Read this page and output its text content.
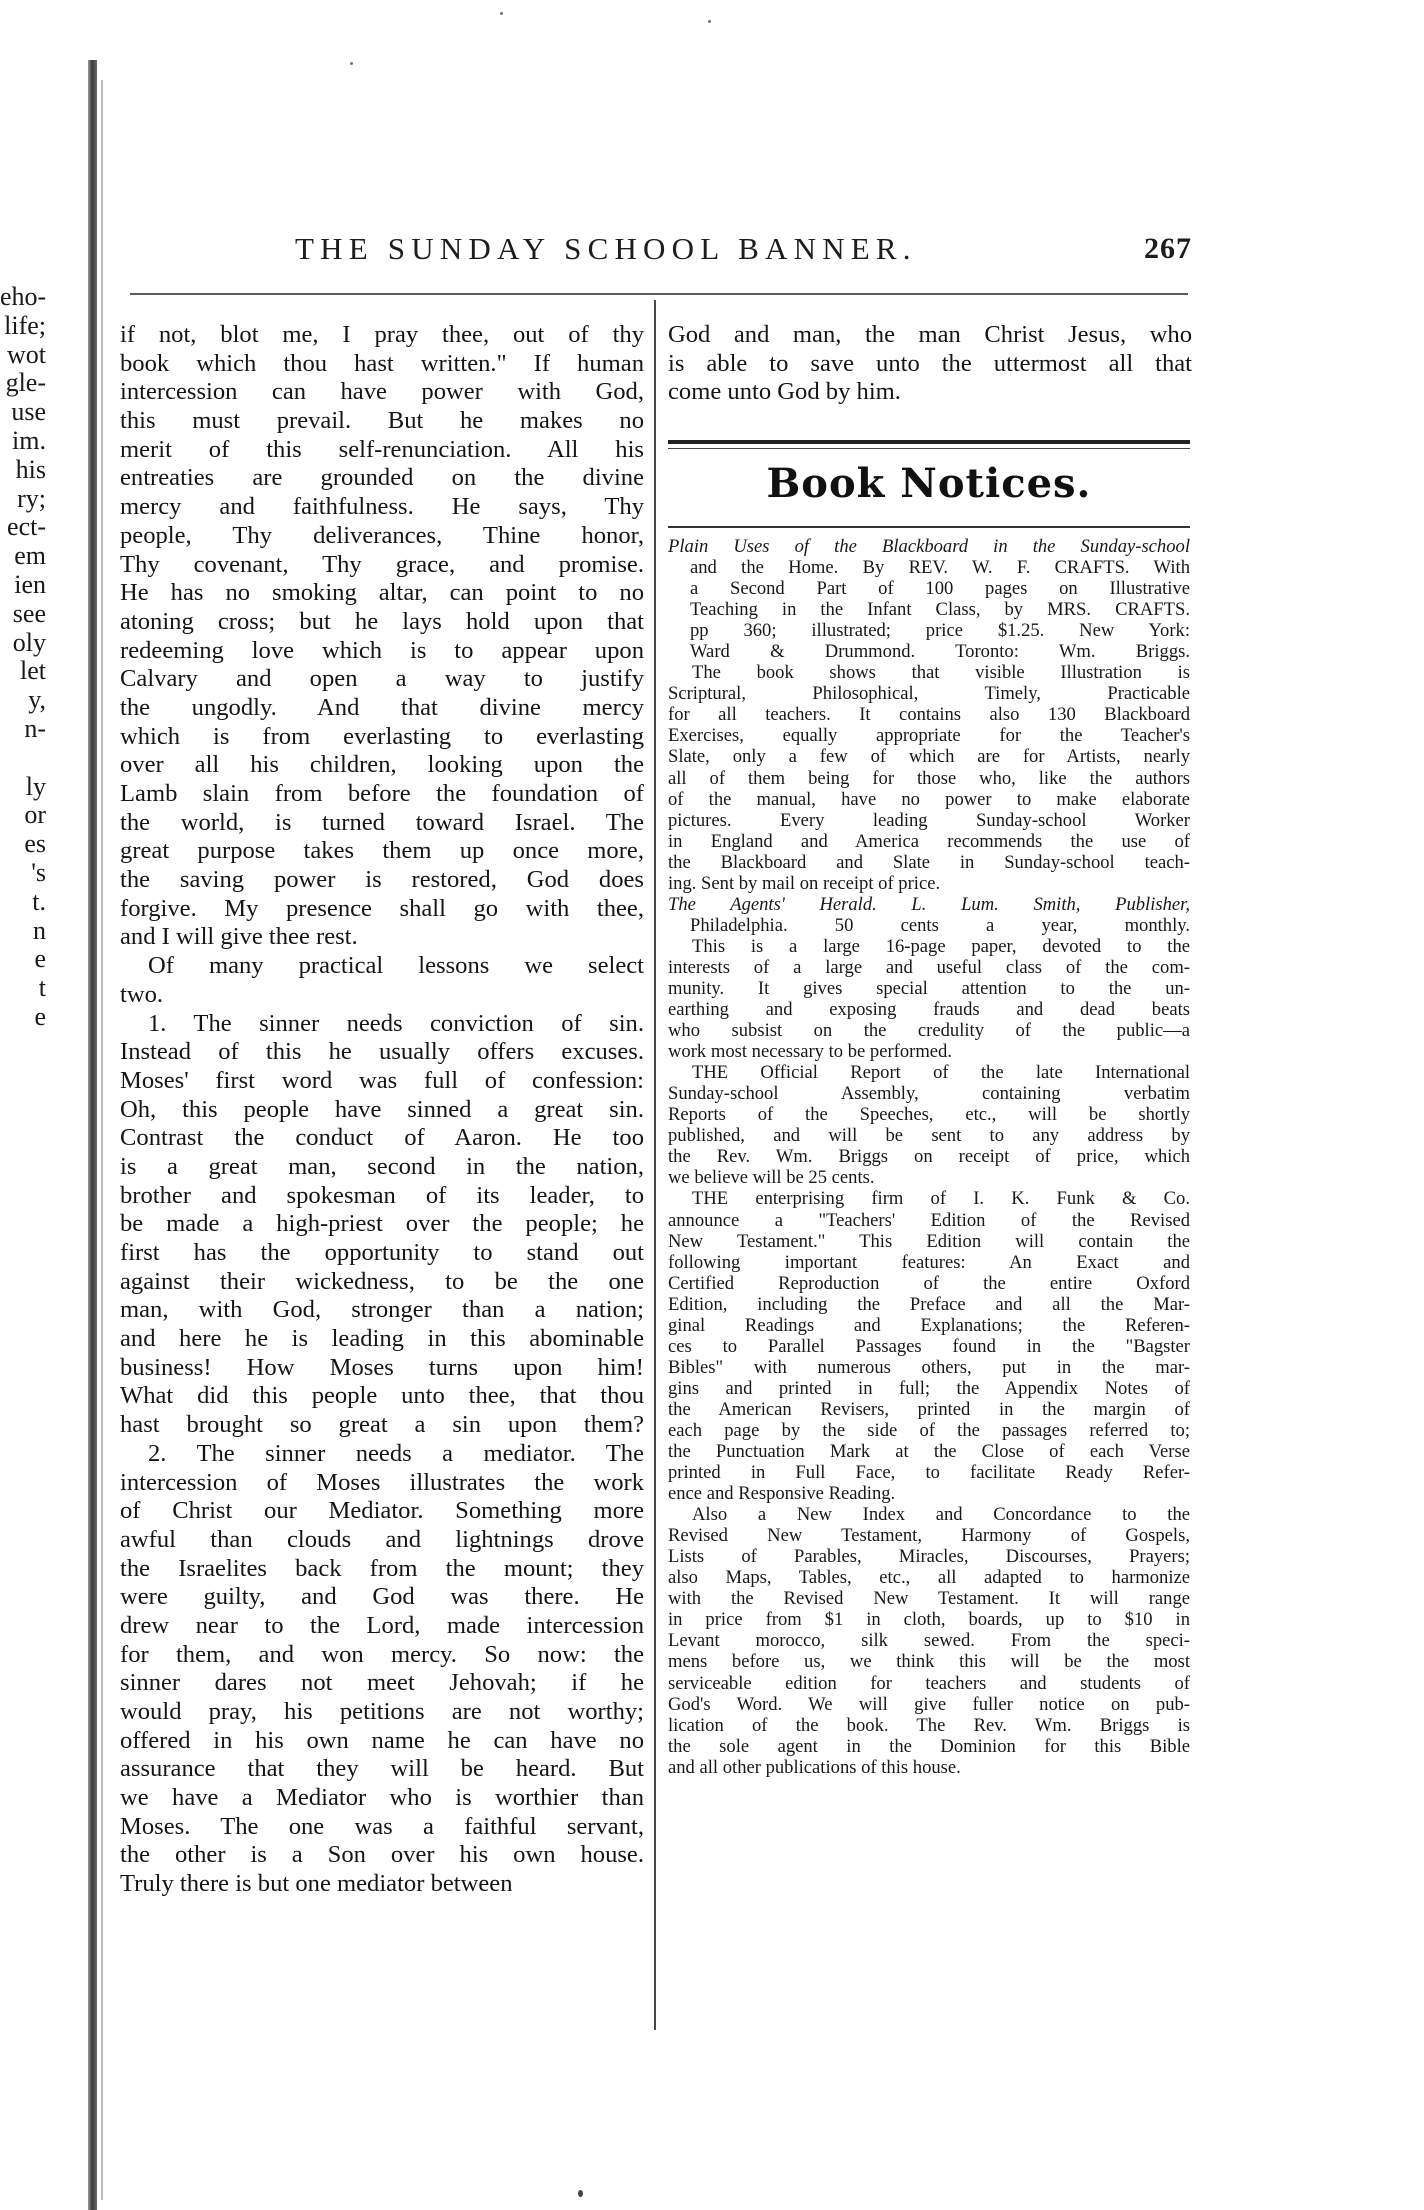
eho-
life;
wot
gle-
use
im.
his
ry;
ect-
em
ien
see
oly
let
y,
n-
ly
or
es
's
t.
n
e
t
e
THE SUNDAY SCHOOL BANNER.	267
if not, blot me, I pray thee, out of thy
book which thou hast written." If human
intercession can have power with God,
this must prevail. But he makes no
merit of this self-renunciation. All his
entreaties are grounded on the divine
mercy and faithfulness. He says, Thy
people, Thy deliverances, Thine honor,
Thy covenant, Thy grace, and promise.
He has no smoking altar, can point to no
atoning cross; but he lays hold upon that
redeeming love which is to appear upon
Calvary and open a way to justify
the ungodly. And that divine mercy
which is from everlasting to everlasting
over all his children, looking upon the
Lamb slain from before the foundation of
the world, is turned toward Israel. The
great purpose takes them up once more,
the saving power is restored, God does
forgive. My presence shall go with thee,
and I will give thee rest.
Of many practical lessons we select
two.
1. The sinner needs conviction of sin.
Instead of this he usually offers excuses.
Moses' first word was full of confession:
Oh, this people have sinned a great sin.
Contrast the conduct of Aaron. He too
is a great man, second in the nation,
brother and spokesman of its leader, to
be made a high-priest over the people; he
first has the opportunity to stand out
against their wickedness, to be the one
man, with God, stronger than a nation;
and here he is leading in this abominable
business! How Moses turns upon him!
What did this people unto thee, that thou
hast brought so great a sin upon them?
2. The sinner needs a mediator. The
intercession of Moses illustrates the work
of Christ our Mediator. Something more
awful than clouds and lightnings drove
the Israelites back from the mount; they
were guilty, and God was there. He
drew near to the Lord, made intercession
for them, and won mercy. So now: the
sinner dares not meet Jehovah; if he
would pray, his petitions are not worthy;
offered in his own name he can have no
assurance that they will be heard. But
we have a Mediator who is worthier than
Moses. The one was a faithful servant,
the other is a Son over his own house.
Truly there is but one mediator between
God and man, the man Christ Jesus, who
is able to save unto the uttermost all that
come unto God by him.
Book Notices.
Plain Uses of the Blackboard in the Sunday-school
and the Home. By REV. W. F. CRAFTS. With
a Second Part of 100 pages on Illustrative
Teaching in the Infant Class, by MRS. CRAFTS.
pp 360; illustrated; price $1.25. New York:
Ward & Drummond. Toronto: Wm. Briggs.
The book shows that visible Illustration is
Scriptural, Philosophical, Timely, Practicable
for all teachers. It contains also 130 Blackboard
Exercises, equally appropriate for the Teacher's
Slate, only a few of which are for Artists, nearly
all of them being for those who, like the authors
of the manual, have no power to make elaborate
pictures. Every leading Sunday-school Worker
in England and America recommends the use of
the Blackboard and Slate in Sunday-school teach-
ing. Sent by mail on receipt of price.
The Agents' Herald. L. Lum. Smith, Publisher,
Philadelphia. 50 cents a year, monthly.
This is a large 16-page paper, devoted to the
interests of a large and useful class of the com-
munity. It gives special attention to the un-
earthing and exposing frauds and dead beats
who subsist on the credulity of the public—a
work most necessary to be performed.
THE Official Report of the late International
Sunday-school Assembly, containing verbatim
Reports of the Speeches, etc., will be shortly
published, and will be sent to any address by
the Rev. Wm. Briggs on receipt of price, which
we believe will be 25 cents.
THE enterprising firm of I. K. Funk & Co.
announce a "Teachers' Edition of the Revised
New Testament." This Edition will contain the
following important features: An Exact and
Certified Reproduction of the entire Oxford
Edition, including the Preface and all the Mar-
ginal Readings and Explanations; the Referen-
ces to Parallel Passages found in the "Bagster
Bibles" with numerous others, put in the mar-
gins and printed in full; the Appendix Notes of
the American Revisers, printed in the margin of
each page by the side of the passages referred to;
the Punctuation Mark at the Close of each Verse
printed in Full Face, to facilitate Ready Refer-
ence and Responsive Reading.
Also a New Index and Concordance to the
Revised New Testament, Harmony of Gospels,
Lists of Parables, Miracles, Discourses, Prayers;
also Maps, Tables, etc., all adapted to harmonize
with the Revised New Testament. It will range
in price from $1 in cloth, boards, up to $10 in
Levant morocco, silk sewed. From the speci-
mens before us, we think this will be the most
serviceable edition for teachers and students of
God's Word. We will give fuller notice on pub-
lication of the book. The Rev. Wm. Briggs is
the sole agent in the Dominion for this Bible
and all other publications of this house.
